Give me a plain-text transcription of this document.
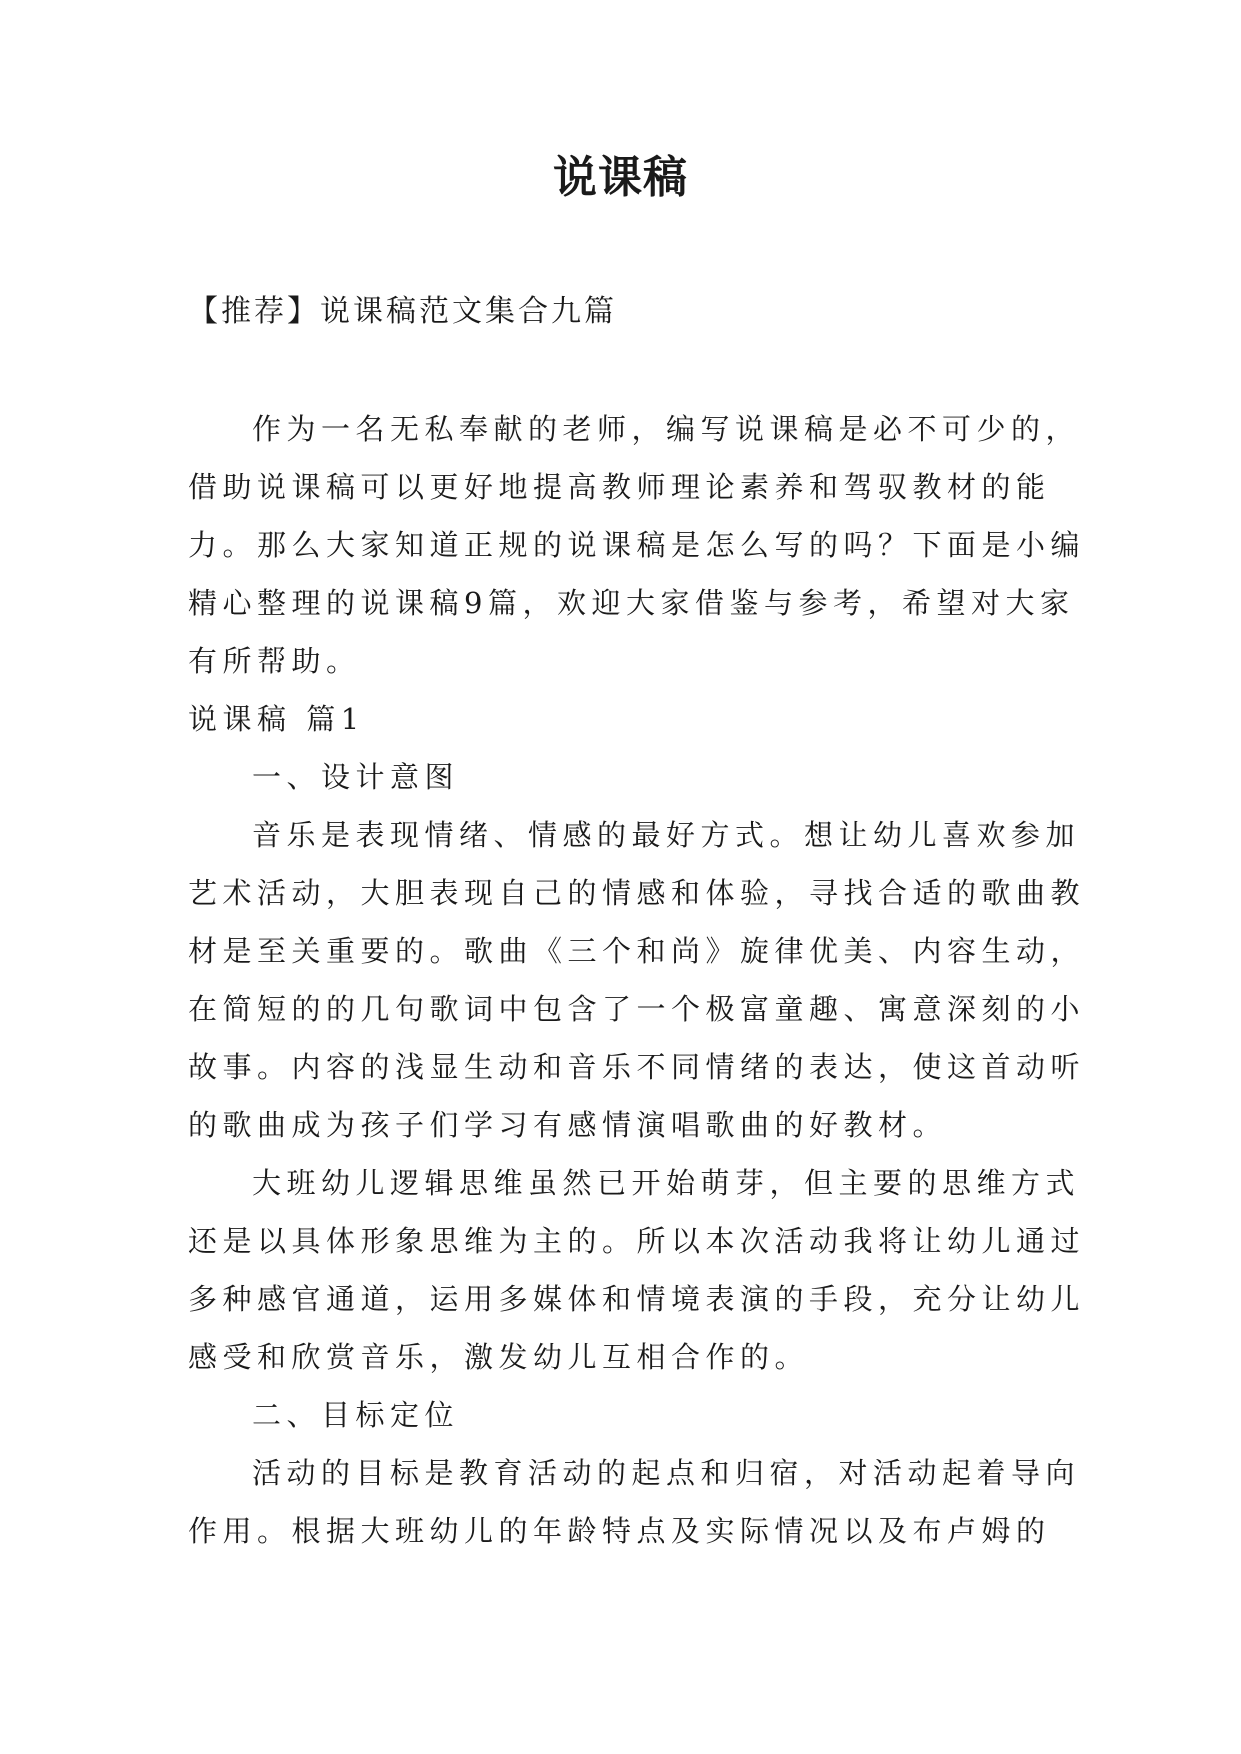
说课稿
【推荐】说课稿范文集合九篇
作为一名无私奉献的老师，编写说课稿是必不可少的，
借助说课稿可以更好地提高教师理论素养和驾驭教材的能
力。那么大家知道正规的说课稿是怎么写的吗？下面是小编
精心整理的说课稿9篇，欢迎大家借鉴与参考，希望对大家
有所帮助。
说课稿 篇1
一、设计意图
音乐是表现情绪、情感的最好方式。想让幼儿喜欢参加
艺术活动，大胆表现自己的情感和体验，寻找合适的歌曲教
材是至关重要的。歌曲《三个和尚》旋律优美、内容生动，
在简短的的几句歌词中包含了一个极富童趣、寓意深刻的小
故事。内容的浅显生动和音乐不同情绪的表达，使这首动听
的歌曲成为孩子们学习有感情演唱歌曲的好教材。
大班幼儿逻辑思维虽然已开始萌芽，但主要的思维方式
还是以具体形象思维为主的。所以本次活动我将让幼儿通过
多种感官通道，运用多媒体和情境表演的手段，充分让幼儿
感受和欣赏音乐，激发幼儿互相合作的。
二、目标定位
活动的目标是教育活动的起点和归宿，对活动起着导向
作用。根据大班幼儿的年龄特点及实际情况以及布卢姆的
